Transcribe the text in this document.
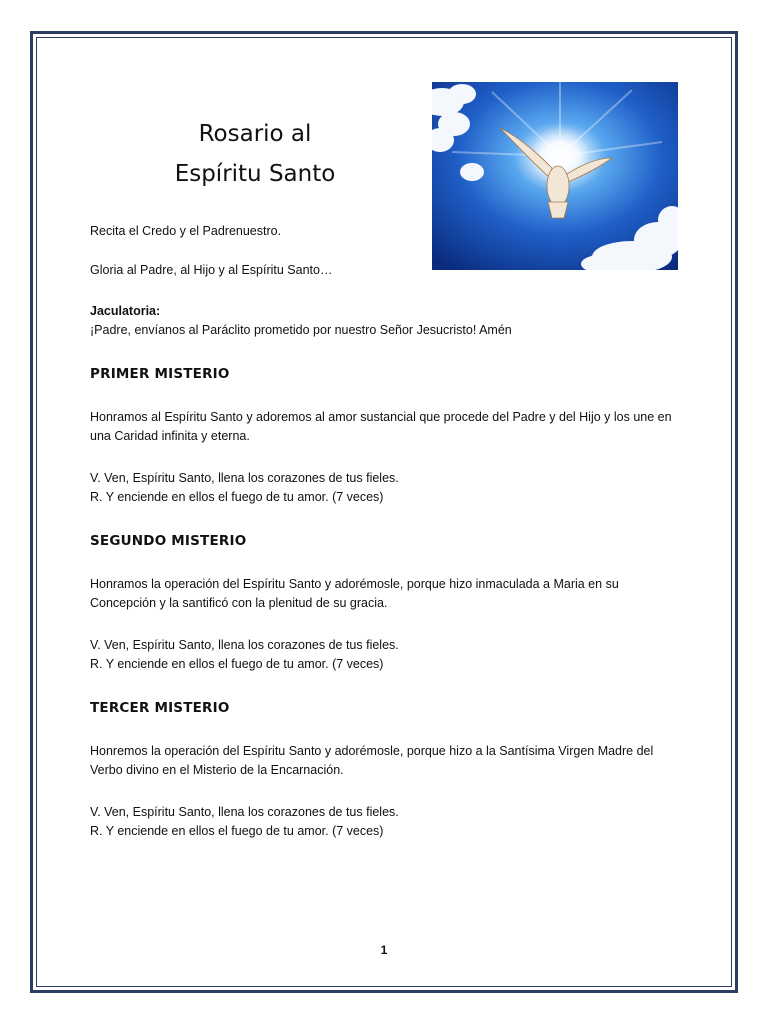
Rosario al
Espíritu Santo
Recita el Credo y el Padrenuestro.
Gloria al Padre, al Hijo y al Espíritu Santo…
Jaculatoria:
¡Padre, envíanos al Paráclito prometido por nuestro Señor Jesucristo! Amén
PRIMER MISTERIO
Honramos al Espíritu Santo y adoremos al amor sustancial que procede del Padre y del Hijo y los une en una Caridad infinita y eterna.
V. Ven, Espíritu Santo, llena los corazones de tus fieles.
R. Y enciende en ellos el fuego de tu amor. (7 veces)
SEGUNDO MISTERIO
Honramos la operación del Espíritu Santo y adorémosle, porque hizo inmaculada a Maria en su Concepción y la santificó con la plenitud de su gracia.
V. Ven, Espíritu Santo, llena los corazones de tus fieles.
R. Y enciende en ellos el fuego de tu amor. (7 veces)
TERCER MISTERIO
Honremos la operación del Espíritu Santo y adorémosle, porque hizo a la Santísima Virgen Madre del Verbo divino en el Misterio de la Encarnación.
V. Ven, Espíritu Santo, llena los corazones de tus fieles.
R. Y enciende en ellos el fuego de tu amor. (7 veces)
1
